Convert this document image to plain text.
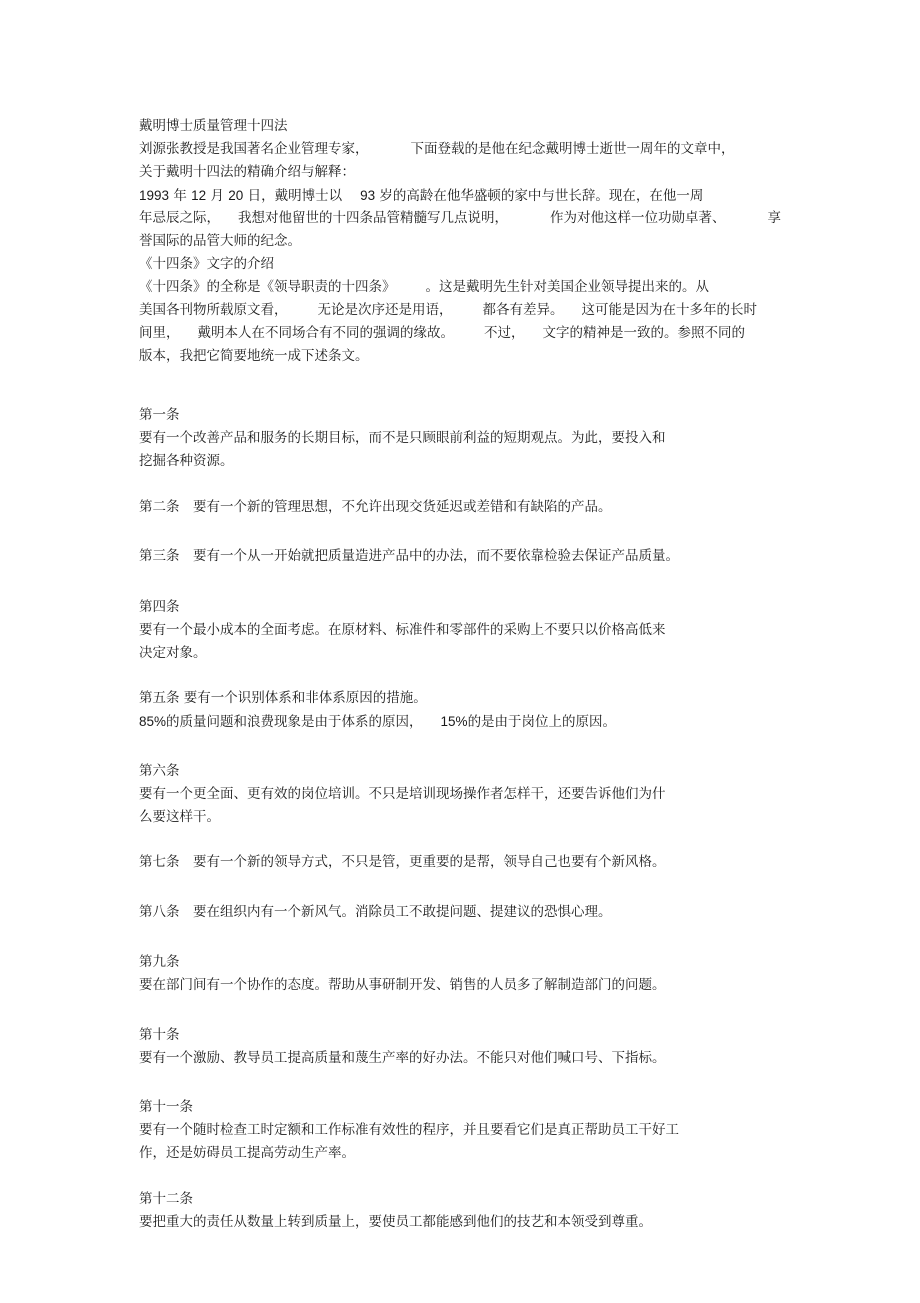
戴明博士质量管理十四法
刘源张教授是我国著名企业管理专家，	下面登载的是他在纪念戴明博士逝世一周年的文章中，
关于戴明十四法的精确介绍与解释：
1993 年 12 月 20 日，戴明博士以 93 岁的高龄在他华盛顿的家中与世长辞。现在，在他一周
年忌辰之际， 我想对他留世的十四条品管精髓写几点说明，	作为对他这样一位功勋卓著、	享
誉国际的品管大师的纪念。
《十四条》文字的介绍
《十四条》的全称是《领导职责的十四条》 。这是戴明先生针对美国企业领导提出来的。从
美国各刊物所载原文看， 无论是次序还是用语， 都各有差异。 这可能是因为在十多年的长时
间里， 戴明本人在不同场合有不同的强调的缘故。 不过， 文字的精神是一致的。参照不同的
版本，我把它简要地统一成下述条文。
第一条
要有一个改善产品和服务的长期目标，而不是只顾眼前利益的短期观点。为此，要投入和
挖掘各种资源。
第二条　要有一个新的管理思想，不允许出现交货延迟或差错和有缺陷的产品。
第三条　要有一个从一开始就把质量造进产品中的办法，而不要依靠检验去保证产品质量。
第四条
要有一个最小成本的全面考虑。在原材料、标准件和零部件的采购上不要只以价格高低来
决定对象。
第五条 要有一个识别体系和非体系原因的措施。
85%的质量问题和浪费现象是由于体系的原因， 15%的是由于岗位上的原因。
第六条
要有一个更全面、更有效的岗位培训。不只是培训现场操作者怎样干，还要告诉他们为什
么要这样干。
第七条　要有一个新的领导方式，不只是管，更重要的是帮，领导自己也要有个新风格。
第八条　要在组织内有一个新风气。消除员工不敢提问题、提建议的恐惧心理。
第九条
要在部门间有一个协作的态度。帮助从事研制开发、销售的人员多了解制造部门的问题。
第十条
要有一个激励、教导员工提高质量和蔑生产率的好办法。不能只对他们喊口号、下指标。
第十一条
要有一个随时检查工时定额和工作标准有效性的程序，并且要看它们是真正帮助员工干好工
作，还是妨碍员工提高劳动生产率。
第十二条
要把重大的责任从数量上转到质量上，要使员工都能感到他们的技艺和本领受到尊重。
